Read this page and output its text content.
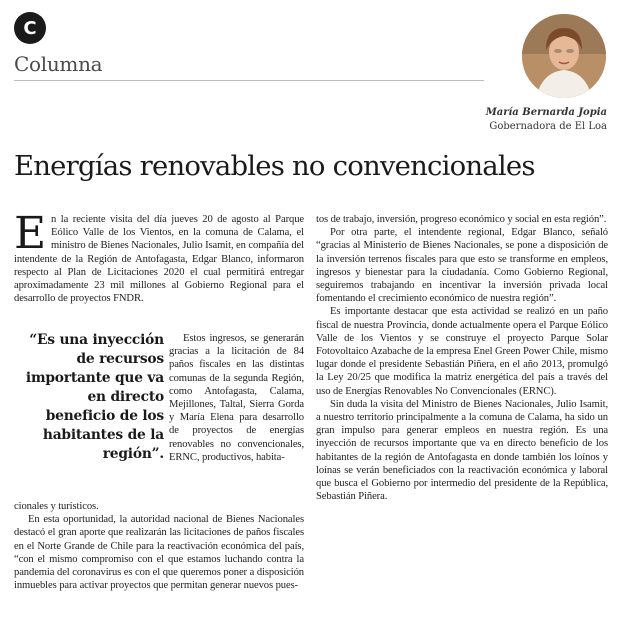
C
Columna
María Bernarda Jopia
Gobernadora de El Loa
Energías renovables no convencionales

En la reciente visita del día jueves 20 de agosto al Parque Eólico Valle de los Vientos, en la comuna de Calama, el ministro de Bienes Nacionales, Julio Isamit, en compañía del intendente de la Región de Antofagasta, Edgar Blanco, informaron respecto al Plan de Licitaciones 2020 el cual permitirá entregar aproximadamente 23 mil millones al Gobierno Regional para el desarrollo de proyectos FNDR.

“Es una inyección de recursos importante que va en directo beneficio de los habitantes de la región”.

Estos ingresos, se generarán gracias a la licitación de 84 paños fiscales en las distintas comunas de la segunda Región, como Antofagasta, Calama, Mejillones, Taltal, Sierra Gorda y María Elena para desarrollo de proyectos de energías renovables no convencionales, ERNC, productivos, habita-

cionales y turísticos.

En esta oportunidad, la autoridad nacional de Bienes Nacionales destacó el gran aporte que realizarán las licitaciones de paños fiscales en el Norte Grande de Chile para la reactivación económica del país, “con el mismo compromiso con el que estamos luchando contra la pandemia del coronavirus es con el que queremos poner a disposición inmuebles para activar proyectos que permitan generar nuevos pues-

tos de trabajo, inversión, progreso económico y social en esta región”.

Por otra parte, el intendente regional, Edgar Blanco, señaló “gracias al Ministerio de Bienes Nacionales, se pone a disposición de la inversión terrenos fiscales para que esto se transforme en empleos, ingresos y bienestar para la ciudadanía. Como Gobierno Regional, seguiremos trabajando en incentivar la inversión privada local fomentando el crecimiento económico de nuestra región”.

Es importante destacar que esta actividad se realizó en un paño fiscal de nuestra Provincia, donde actualmente opera el Parque Eólico Valle de los Vientos y se construye el proyecto Parque Solar Fotovoltaico Azabache de la empresa Enel Green Power Chile, mismo lugar donde el presidente Sebastián Piñera, en el año 2013, promulgó la Ley 20/25 que modifica la matriz energética del país a través del uso de Energías Renovables No Convencionales (ERNC).

Sin duda la visita del Ministro de Bienes Nacionales, Julio Isamit, a nuestro territorio principalmente a la comuna de Calama, ha sido un gran impulso para generar empleos en nuestra región. Es una inyección de recursos importante que va en directo beneficio de los habitantes de la región de Antofagasta en donde también los loínos y loínas se verán beneficiados con la reactivación económica y laboral que busca el Gobierno por intermedio del presidente de la República, Sebastián Piñera.
